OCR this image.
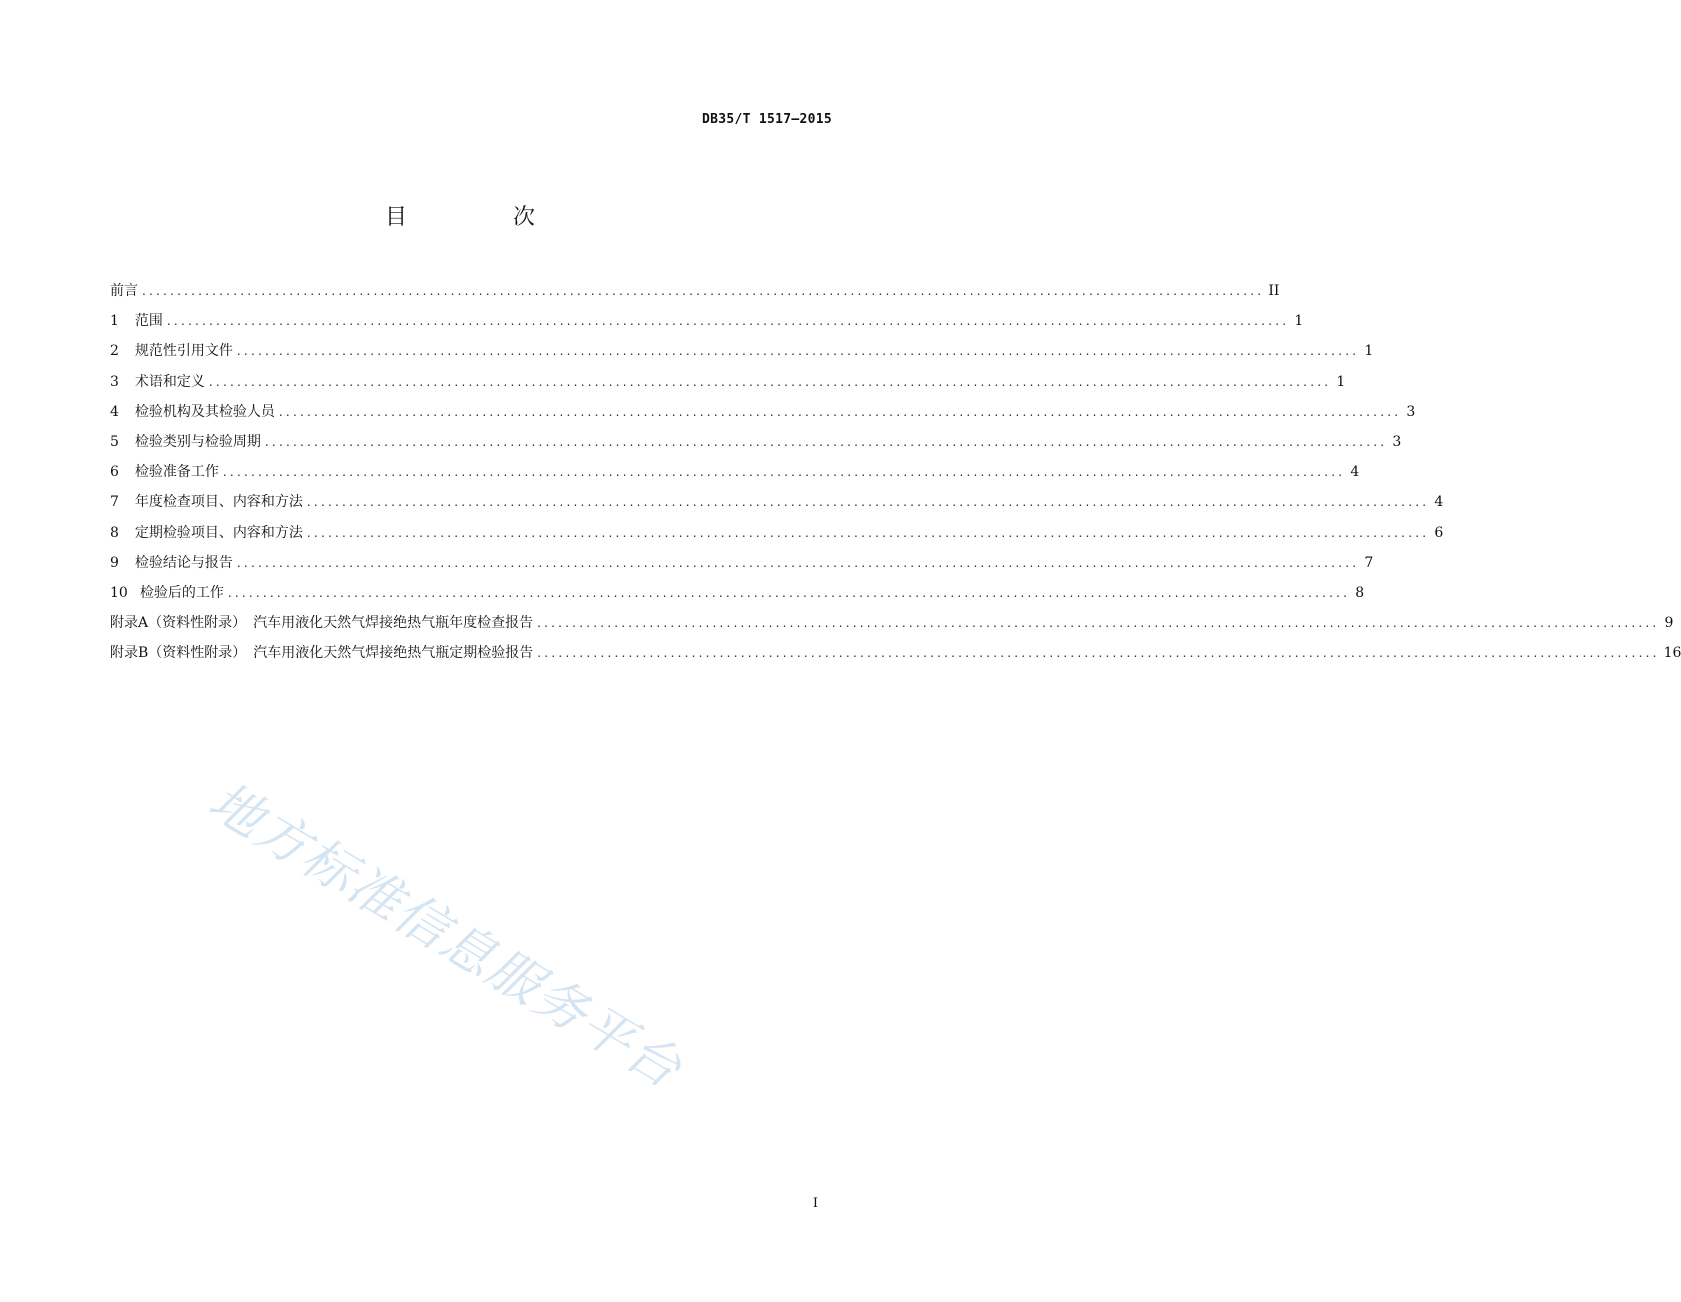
DB35/T 1517—2015
目　次
前言 ................................................................................................................................................................ II
1 范围 ................................................................................................................................................................ 1
2 规范性引用文件 ................................................................................................................................................................ 1
3 术语和定义 ................................................................................................................................................................ 1
4 检验机构及其检验人员 ................................................................................................................................................................ 3
5 检验类别与检验周期 ................................................................................................................................................................ 3
6 检验准备工作 ................................................................................................................................................................ 4
7 年度检查项目、内容和方法 ................................................................................................................................................................ 4
8 定期检验项目、内容和方法 ................................................................................................................................................................ 6
9 检验结论与报告 ................................................................................................................................................................ 7
10 检验后的工作 ................................................................................................................................................................ 8
附录A（资料性附录）　汽车用液化天然气焊接绝热气瓶年度检查报告 ................................................................................................................................................................ 9
附录B（资料性附录）　汽车用液化天然气焊接绝热气瓶定期检验报告 ................................................................................................................................................................ 16
地方标准信息服务平台
I
